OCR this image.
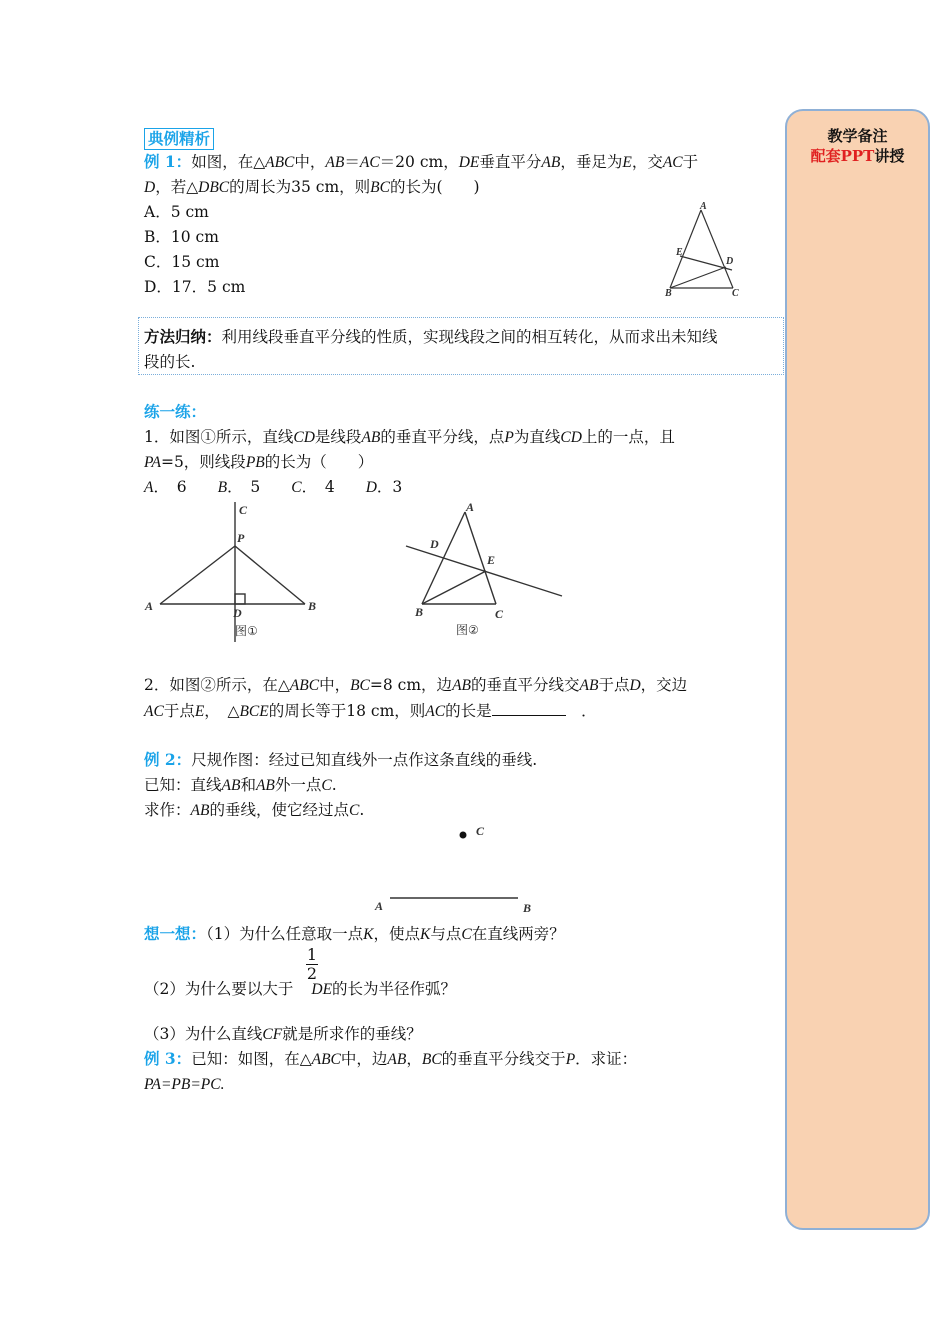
教学备注
配套PPT讲授
典例精析
例 1：如图，在△ABC中，AB＝AC＝20 cm，DE垂直平分AB，垂足为E，交AC于
D，若△DBC的周长为35 cm，则BC的长为(　　)
A．5 cm
B．10 cm
C．15 cm
D．17．5 cm
方法归纳：利用线段垂直平分线的性质，实现线段之间的相互转化，从而求出未知线
段的长.
练一练：
1．如图①所示，直线CD是线段AB的垂直平分线，点P为直线CD上的一点，且
PA=5，则线段PB的长为（　　）
A．　6　　B．　5　　C．　4　　D．3
2．如图②所示，在△ABC中，BC=8 cm，边AB的垂直平分线交AB于点D，交边
AC于点E，　△BCE的周长等于18 cm，则AC的长是　	．
例 2：尺规作图：经过已知直线外一点作这条直线的垂线.
已知：直线AB和AB外一点C.
求作：AB的垂线，使它经过点C.
想一想：（1）为什么任意取一点K，使点K与点C在直线两旁？
1
2
（2）为什么要以大于 DE的长为半径作弧？
（3）为什么直线CF就是所求作的垂线？
例 3：已知：如图，在△ABC中，边AB，BC的垂直平分线交于P．求证：
PA=PB=PC.
A
E
D
B	C
C
P
A	B
D
图①
A
D
E
B	C
图②
C
A	B
